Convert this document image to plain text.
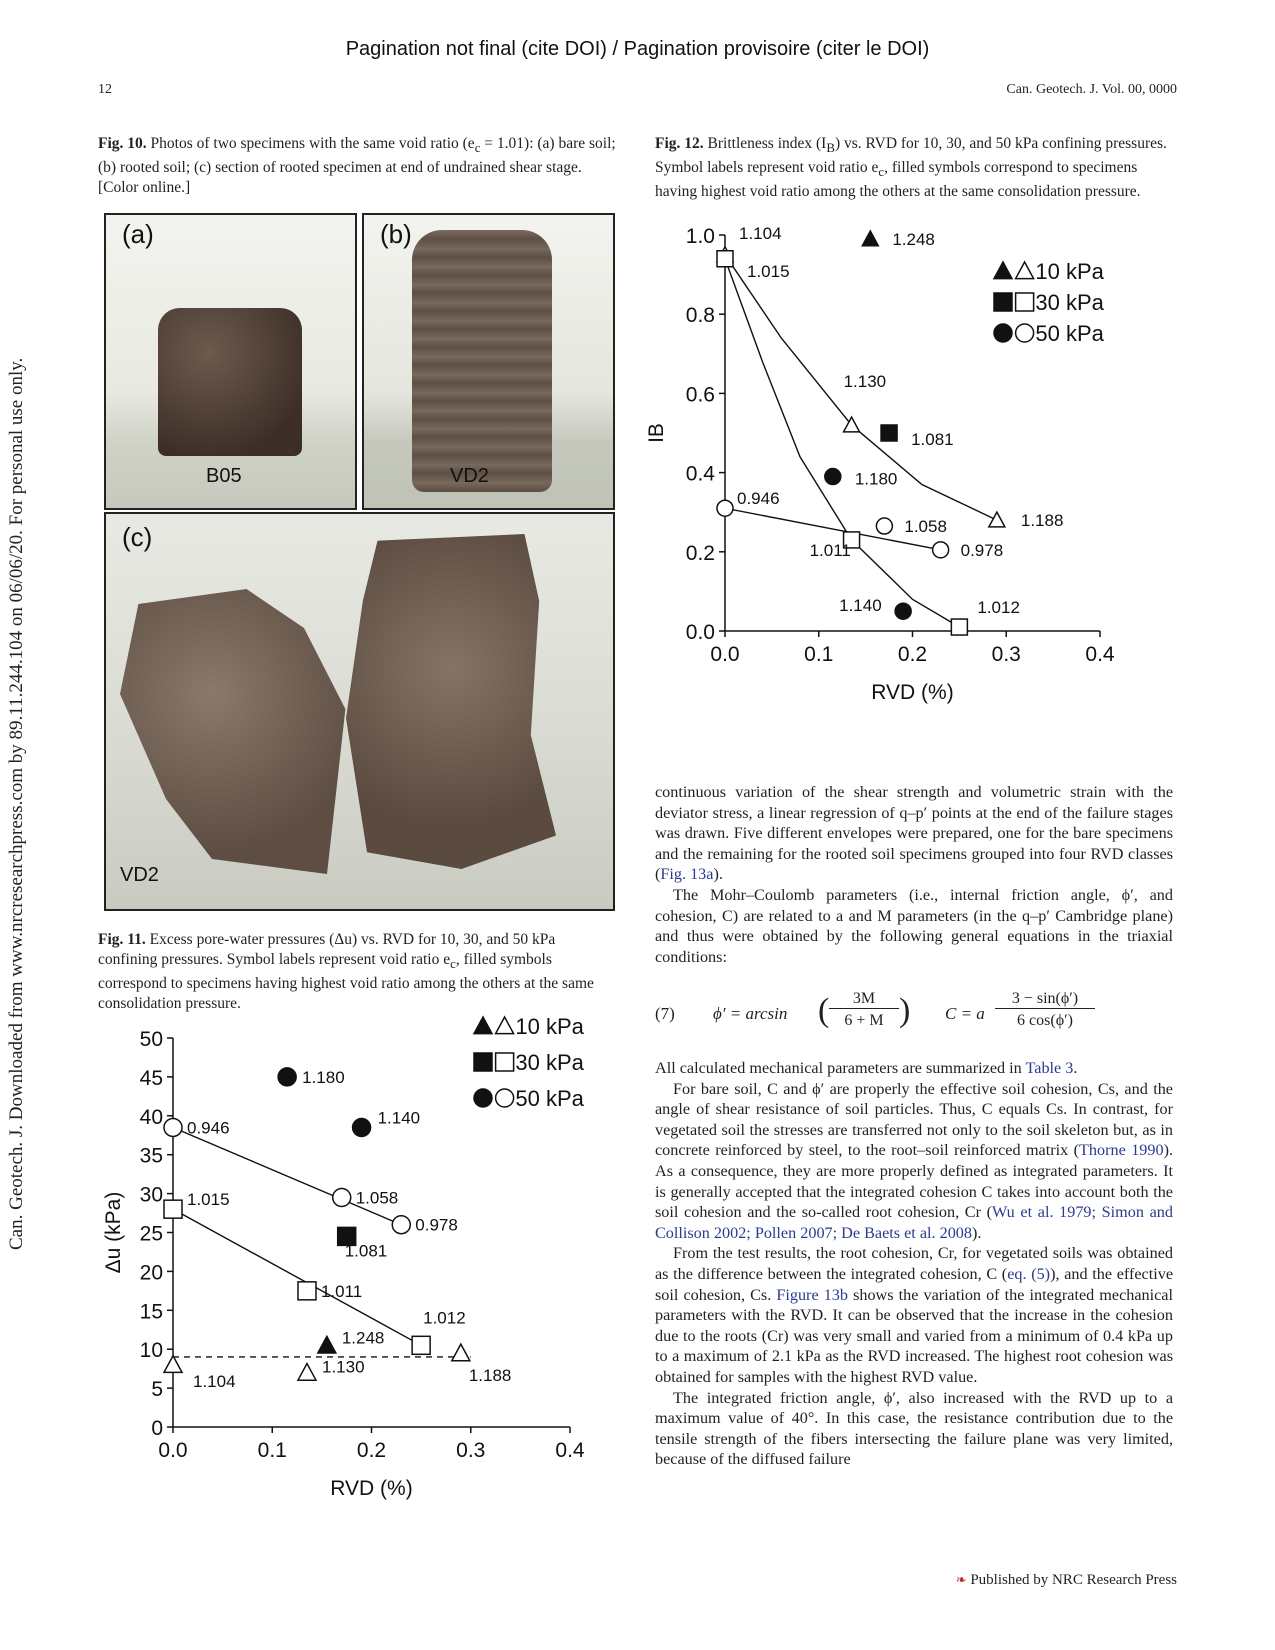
Pagination not final (cite DOI) / Pagination provisoire (citer le DOI)
12	Can. Geotech. J. Vol. 00, 0000
Can. Geotech. J. Downloaded from www.nrcresearchpress.com by 89.11.244.104 on 06/06/20. For personal use only.
Fig. 10. Photos of two specimens with the same void ratio $(e_c = 1.01)$: (a) bare soil; (b) rooted soil; (c) section of rooted specimen at end of undrained shear stage. [Color online.]
(a)
B05
(b)
VD2
(c)
VD2
Fig. 11. Excess pore-water pressures (Δu) vs. RVD for 10, 30, and 50 kPa confining pressures. Symbol labels represent void ratio $e_c$, filled symbols correspond to specimens having highest void ratio among the others at the same consolidation pressure.
0.0	0.1	0.2	0.3	0.4
0
5
10
15
20
25
30
35
40
45
50
RVD (%)
Δu (kPa)
1.104
1.130
1.248
1.188
1.015
1.011
1.081
1.012
0.946
1.180
1.058
1.140
0.978
10 kPa
30 kPa
50 kPa
Fig. 12. Brittleness index $(I_B)$ vs. RVD for 10, 30, and 50 kPa confining pressures. Symbol labels represent void ratio $e_c$, filled symbols correspond to specimens having highest void ratio among the others at the same consolidation pressure.
0.0	0.1	0.2	0.3	0.4
0.0
0.2
0.4
0.6
0.8
1.0
RVD (%)
IB
1.104
1.130
1.248
1.188
1.015
1.011
1.081
1.012
0.946
1.180
1.058
1.140
0.978
10 kPa
30 kPa
50 kPa

continuous variation of the shear strength and volumetric strain with the deviator stress, a linear regression of q–p′ points at the end of the failure stages was drawn. Five different envelopes were prepared, one for the bare specimens and the remaining for the rooted soil specimens grouped into four RVD classes (Fig. 13a).

The Mohr–Coulomb parameters (i.e., internal friction angle, ϕ′, and cohesion, C) are related to a and M parameters (in the q–p′ Cambridge plane) and thus were obtained by the following general equations in the triaxial conditions:

(7) ϕ′ = arcsin (	3M
6 + M ) C = a
3 − sin(ϕ′)
6 cos(ϕ′)

All calculated mechanical parameters are summarized in Table 3.

For bare soil, C and ϕ′ are properly the effective soil cohesion, Cs, and the angle of shear resistance of soil particles. Thus, C equals Cs. In contrast, for vegetated soil the stresses are transferred not only to the soil skeleton but, as in concrete reinforced by steel, to the root–soil reinforced matrix (Thorne 1990). As a consequence, they are more properly defined as integrated parameters. It is generally accepted that the integrated cohesion C takes into account both the soil cohesion and the so-called root cohesion, Cr (Wu et al. 1979; Simon and Collison 2002; Pollen 2007; De Baets et al. 2008).

From the test results, the root cohesion, Cr, for vegetated soils was obtained as the difference between the integrated cohesion, C (eq. (5)), and the effective soil cohesion, Cs. Figure 13b shows the variation of the integrated mechanical parameters with the RVD. It can be observed that the increase in the cohesion due to the roots (Cr) was very small and varied from a minimum of 0.4 kPa up to a maximum of 2.1 kPa as the RVD increased. The highest root cohesion was obtained for samples with the highest RVD value.

The integrated friction angle, ϕ′, also increased with the RVD up to a maximum value of 40°. In this case, the resistance contribution due to the tensile strength of the fibers intersecting the failure plane was very limited, because of the diffused failure

❧ Published by NRC Research Press
